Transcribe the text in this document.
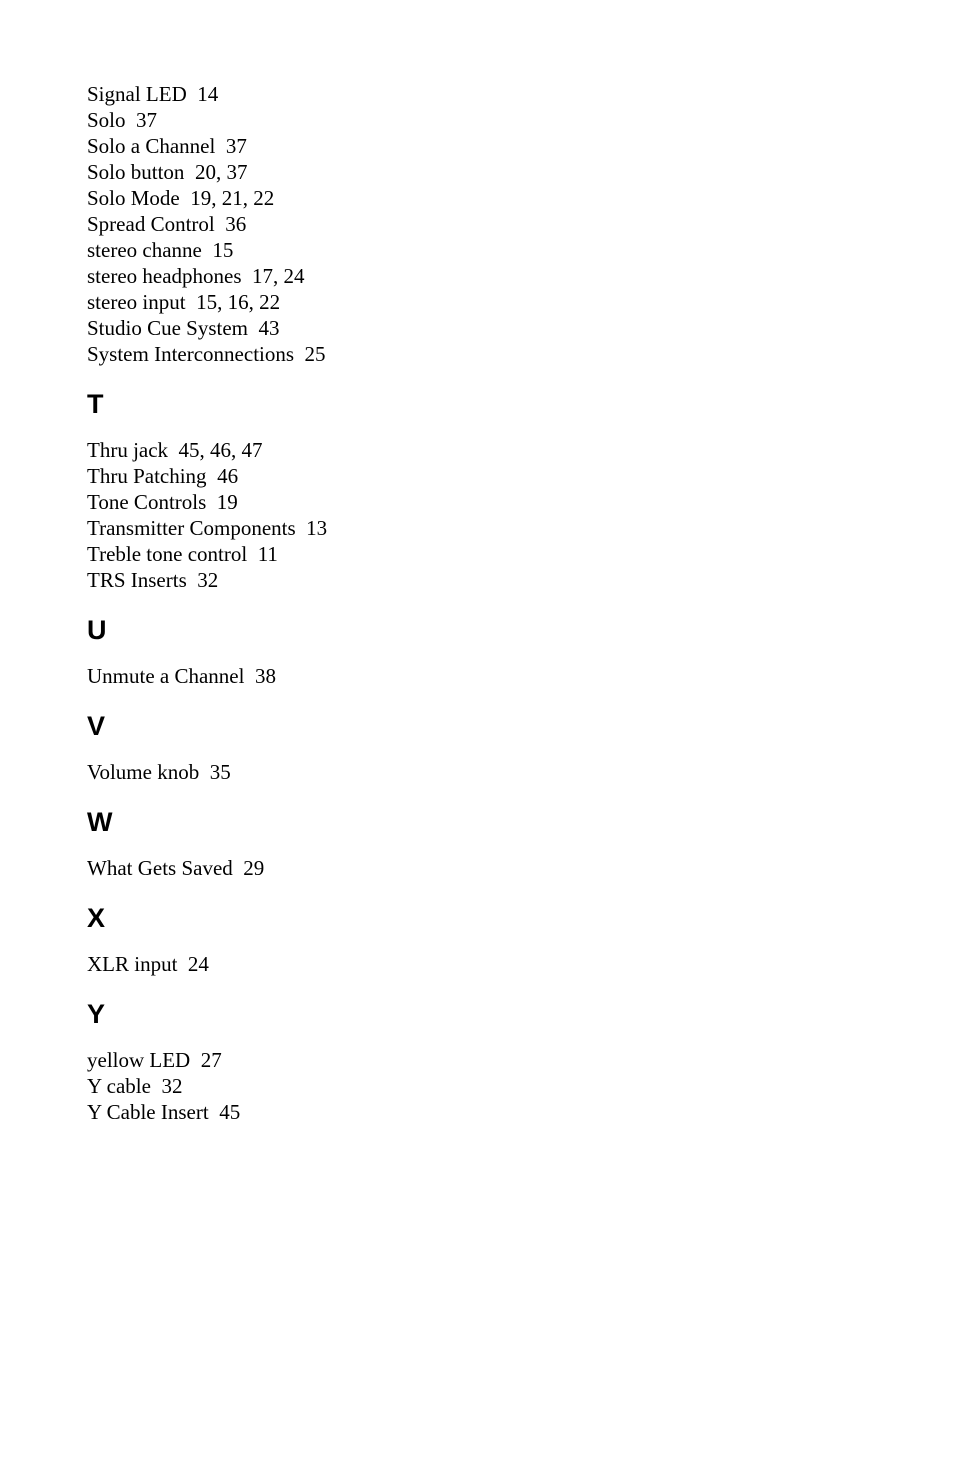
Signal LED 14
Solo 37
Solo a Channel 37
Solo button 20, 37
Solo Mode 19, 21, 22
Spread Control 36
stereo channe 15
stereo headphones 17, 24
stereo input 15, 16, 22
Studio Cue System 43
System Interconnections 25
T
Thru jack 45, 46, 47
Thru Patching 46
Tone Controls 19
Transmitter Components 13
Treble tone control 11
TRS Inserts 32
U
Unmute a Channel 38
V
Volume knob 35
W
What Gets Saved 29
X
XLR input 24
Y
yellow LED 27
Y cable 32
Y Cable Insert 45
